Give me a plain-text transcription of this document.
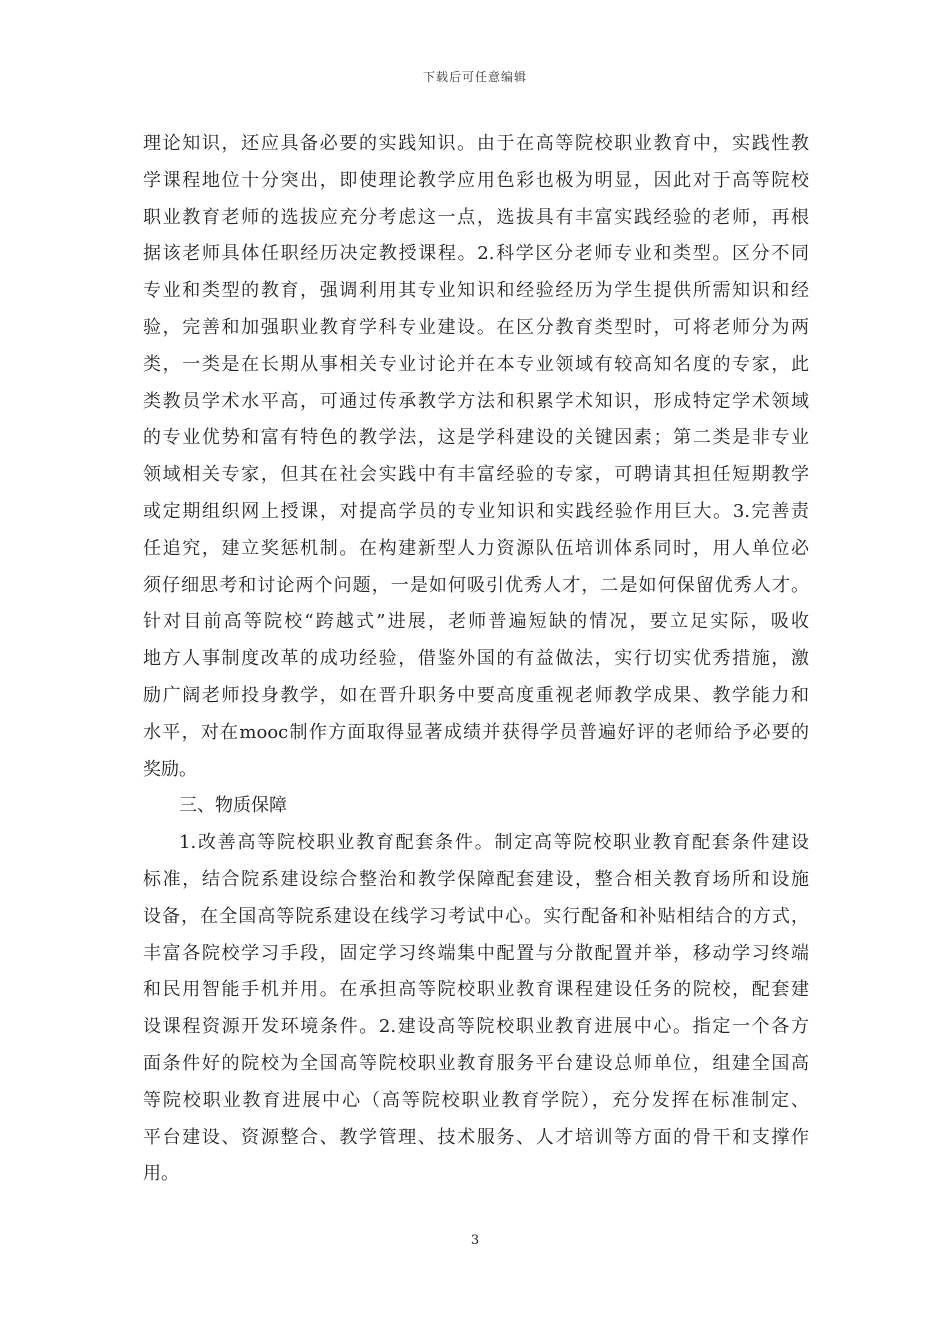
下载后可任意编辑
理论知识，还应具备必要的实践知识。由于在高等院校职业教育中，实践性教
学课程地位十分突出，即使理论教学应用色彩也极为明显，因此对于高等院校
职业教育老师的选拔应充分考虑这一点，选拔具有丰富实践经验的老师，再根
据该老师具体任职经历决定教授课程。2.科学区分老师专业和类型。区分不同
专业和类型的教育，强调利用其专业知识和经验经历为学生提供所需知识和经
验，完善和加强职业教育学科专业建设。在区分教育类型时，可将老师分为两
类，一类是在长期从事相关专业讨论并在本专业领域有较高知名度的专家，此
类教员学术水平高，可通过传承教学方法和积累学术知识，形成特定学术领域
的专业优势和富有特色的教学法，这是学科建设的关键因素；第二类是非专业
领域相关专家，但其在社会实践中有丰富经验的专家，可聘请其担任短期教学
或定期组织网上授课，对提高学员的专业知识和实践经验作用巨大。3.完善责
任追究，建立奖惩机制。在构建新型人力资源队伍培训体系同时，用人单位必
须仔细思考和讨论两个问题，一是如何吸引优秀人才，二是如何保留优秀人才。
针对目前高等院校“跨越式”进展，老师普遍短缺的情况，要立足实际，吸收
地方人事制度改革的成功经验，借鉴外国的有益做法，实行切实优秀措施，激
励广阔老师投身教学，如在晋升职务中要高度重视老师教学成果、教学能力和
水平，对在mooc制作方面取得显著成绩并获得学员普遍好评的老师给予必要的
奖励。
三、物质保障
1.改善高等院校职业教育配套条件。制定高等院校职业教育配套条件建设
标准，结合院系建设综合整治和教学保障配套建设，整合相关教育场所和设施
设备，在全国高等院系建设在线学习考试中心。实行配备和补贴相结合的方式，
丰富各院校学习手段，固定学习终端集中配置与分散配置并举，移动学习终端
和民用智能手机并用。在承担高等院校职业教育课程建设任务的院校，配套建
设课程资源开发环境条件。2.建设高等院校职业教育进展中心。指定一个各方
面条件好的院校为全国高等院校职业教育服务平台建设总师单位，组建全国高
等院校职业教育进展中心（高等院校职业教育学院），充分发挥在标准制定、
平台建设、资源整合、教学管理、技术服务、人才培训等方面的骨干和支撑作
用。
3
